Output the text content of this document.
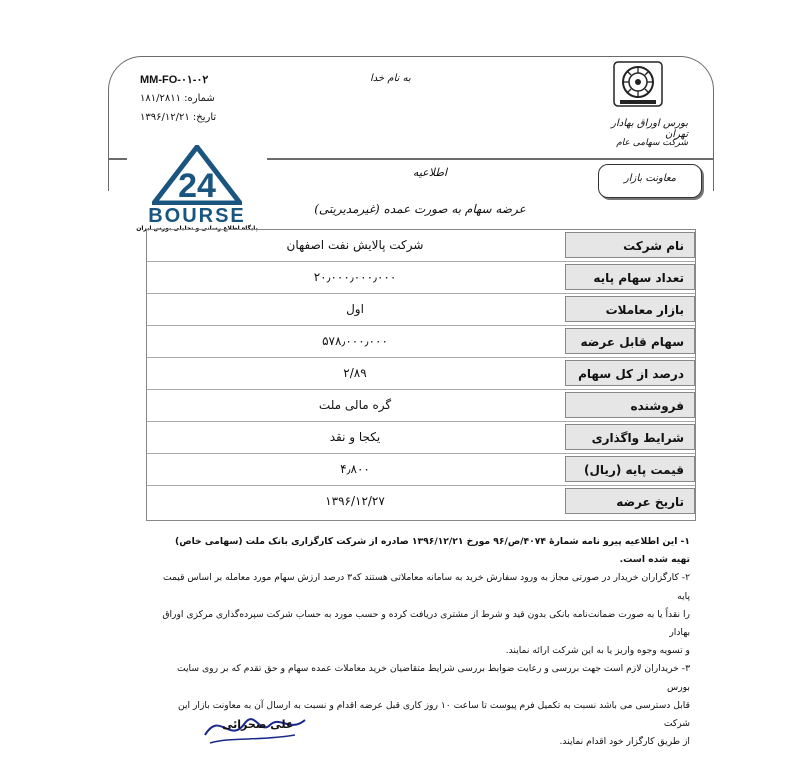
MM-FO-٠٢-٠١
شماره: ١٨١/٢٨١١
تاریخ: ١٣٩۶/١٢/٢١
به نام خدا
بورس اوراق بهادار تهران
شرکت سهامی عام
معاونت بازار
اطلاعیه
عرضه سهام به صورت عمده (غیرمدیریتی)
24
BOURSE
پایگاه اطلاع رسانی و تحلیلی بورس ایران
نام شرکت
شرکت پالایش نفت اصفهان
تعداد سهام پایه
۲۰٫۰۰۰٫۰۰۰٫۰۰۰
بازار معاملات
اول
سهام قابل عرضه
۵۷۸٫۰۰۰٫۰۰۰
درصد از کل سهام
۲/۸۹
فروشنده
گره مالی ملت
شرایط واگذاری
یکجا و نقد
قیمت پایه (ریال)
۴٫۸۰۰
تاریخ عرضه
۱۳۹۶/۱۲/۲۷

۱- این اطلاعیه پیرو نامه شمارهٔ ۴۰۷۴/ص/۹۶ مورخ ۱۳۹۶/۱۲/۲۱ صادره از شرکت کارگزاری بانک ملت (سهامی خاص) تهیه شده است.

۲- کارگزاران خریدار در صورتی مجاز به ورود سفارش خرید به سامانه معاملاتی هستند که۳ درصد ارزش سهام مورد معامله بر اساس قیمت پایه

را نقداً یا به صورت ضمانت‌نامه بانکی بدون قید و شرط از مشتری دریافت کرده و حسب مورد به حساب شرکت سپرده‌گذاری مرکزی اوراق بهادار

و تسویه وجوه واریز یا به این شرکت ارائه نمایند.

۳- خریداران لازم است جهت بررسی و رعایت ضوابط بررسی شرایط متقاضیان خرید معاملات عمده سهام و حق تقدم که بر روی سایت بورس

قابل دسترسی می باشد نسبت به تکمیل فرم پیوست تا ساعت ۱۰ روز کاری قبل عرضه اقدام و نسبت به ارسال آن به معاونت بازار این شرکت

از طریق کارگزار خود اقدام نمایند.

علی صحرائی
